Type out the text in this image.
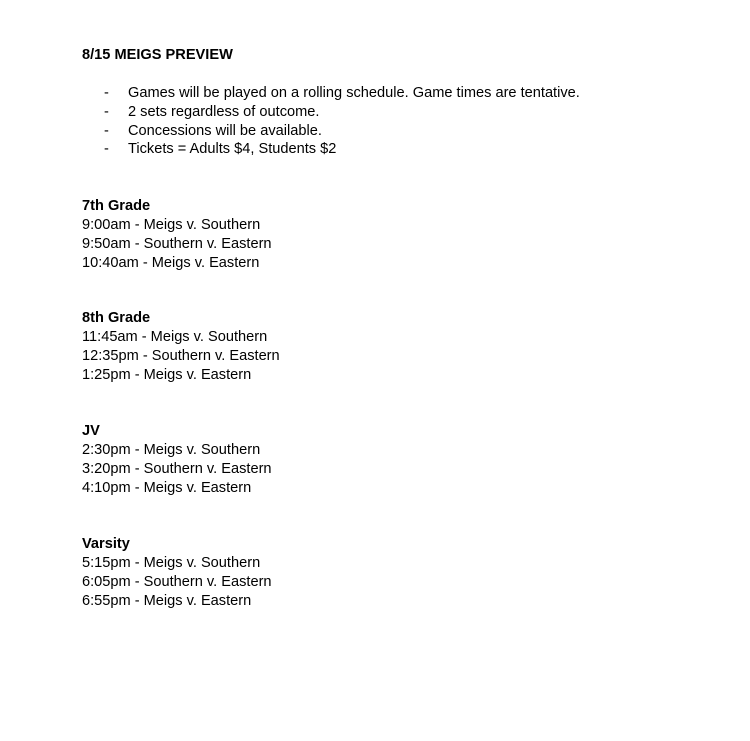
8/15 MEIGS PREVIEW
-	Games will be played on a rolling schedule. Game times are tentative.
-	2 sets regardless of outcome.
-	Concessions will be available.
-	Tickets = Adults $4, Students $2
7th Grade
9:00am - Meigs v. Southern
9:50am - Southern v. Eastern
10:40am - Meigs v. Eastern
8th Grade
11:45am - Meigs v. Southern
12:35pm - Southern v. Eastern
1:25pm - Meigs v. Eastern
JV
2:30pm - Meigs v. Southern
3:20pm - Southern v. Eastern
4:10pm - Meigs v. Eastern
Varsity
5:15pm - Meigs v. Southern
6:05pm - Southern v. Eastern
6:55pm - Meigs v. Eastern
